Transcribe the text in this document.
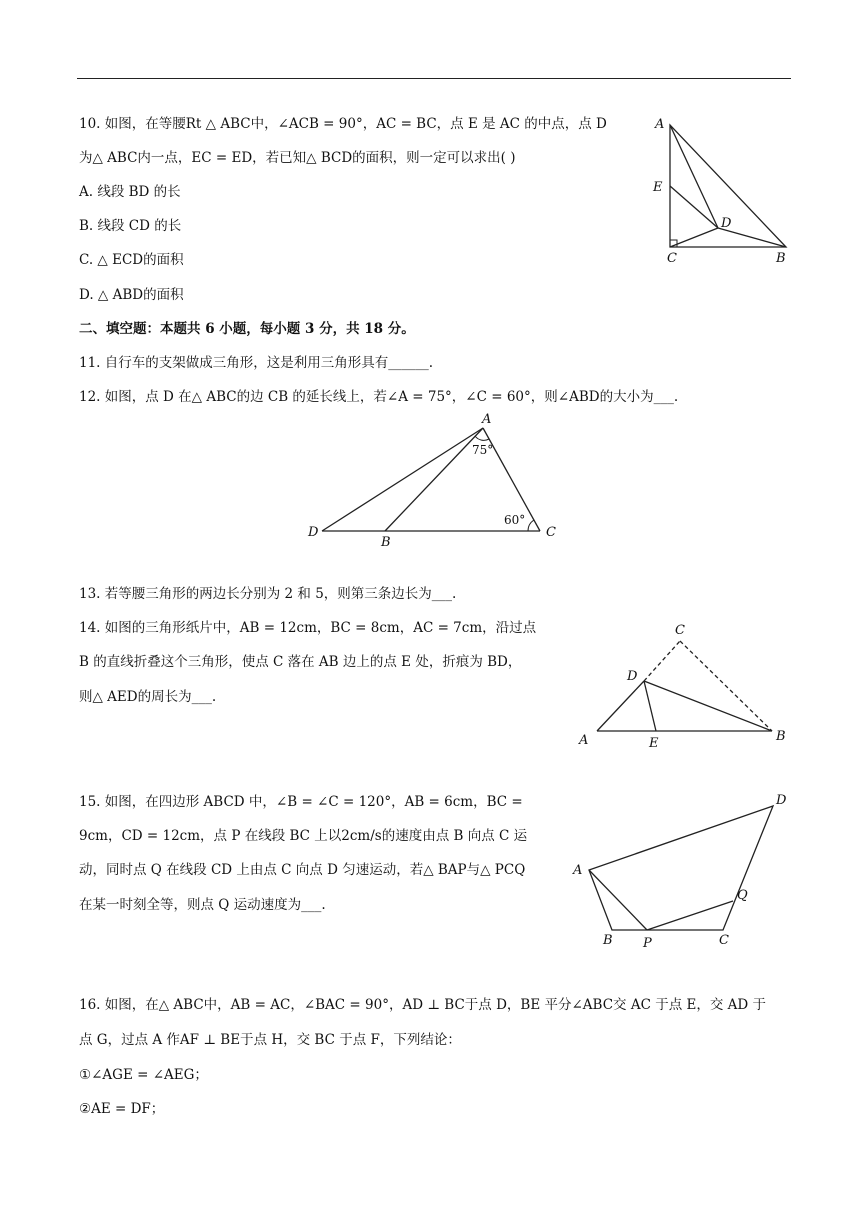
10. 如图，在等腰Rt △ ABC中，∠ACB = 90°，AC = BC，点 E 是 AC 的中点，点 D
为△ ABC内一点，EC = ED，若已知△ BCD的面积，则一定可以求出( )
A. 线段 BD 的长
B. 线段 CD 的长
C. △ ECD的面积
D. △ ABD的面积
A
E
D
C	B
二、填空题：本题共 6 小题，每小题 3 分，共 18 分。
11. 自行车的支架做成三角形，这是利用三角形具有______.
12. 如图，点 D 在△ ABC的边 CB 的延长线上，若∠A = 75°，∠C = 60°，则∠ABD的大小为___.
A
D
B
C
75°
60°
13. 若等腰三角形的两边长分别为 2 和 5，则第三条边长为___.
14. 如图的三角形纸片中，AB = 12cm，BC = 8cm，AC = 7cm，沿过点
B 的直线折叠这个三角形，使点 C 落在 AB 边上的点 E 处，折痕为 BD，
则△ AED的周长为___.
C
D
A	E	B
15. 如图，在四边形 ABCD 中，∠B = ∠C = 120°，AB = 6cm，BC =
9cm，CD = 12cm，点 P 在线段 BC 上以2cm/s的速度由点 B 向点 C 运
动，同时点 Q 在线段 CD 上由点 C 向点 D 匀速运动，若△ BAP与△ PCQ
在某一时刻全等，则点 Q 运动速度为___.
D
A
Q
B P	C
16. 如图，在△ ABC中，AB = AC，∠BAC = 90°，AD ⊥ BC于点 D，BE 平分∠ABC交 AC 于点 E，交 AD 于
点 G，过点 A 作AF ⊥ BE于点 H，交 BC 于点 F，下列结论：
①∠AGE = ∠AEG；
②AE = DF；
